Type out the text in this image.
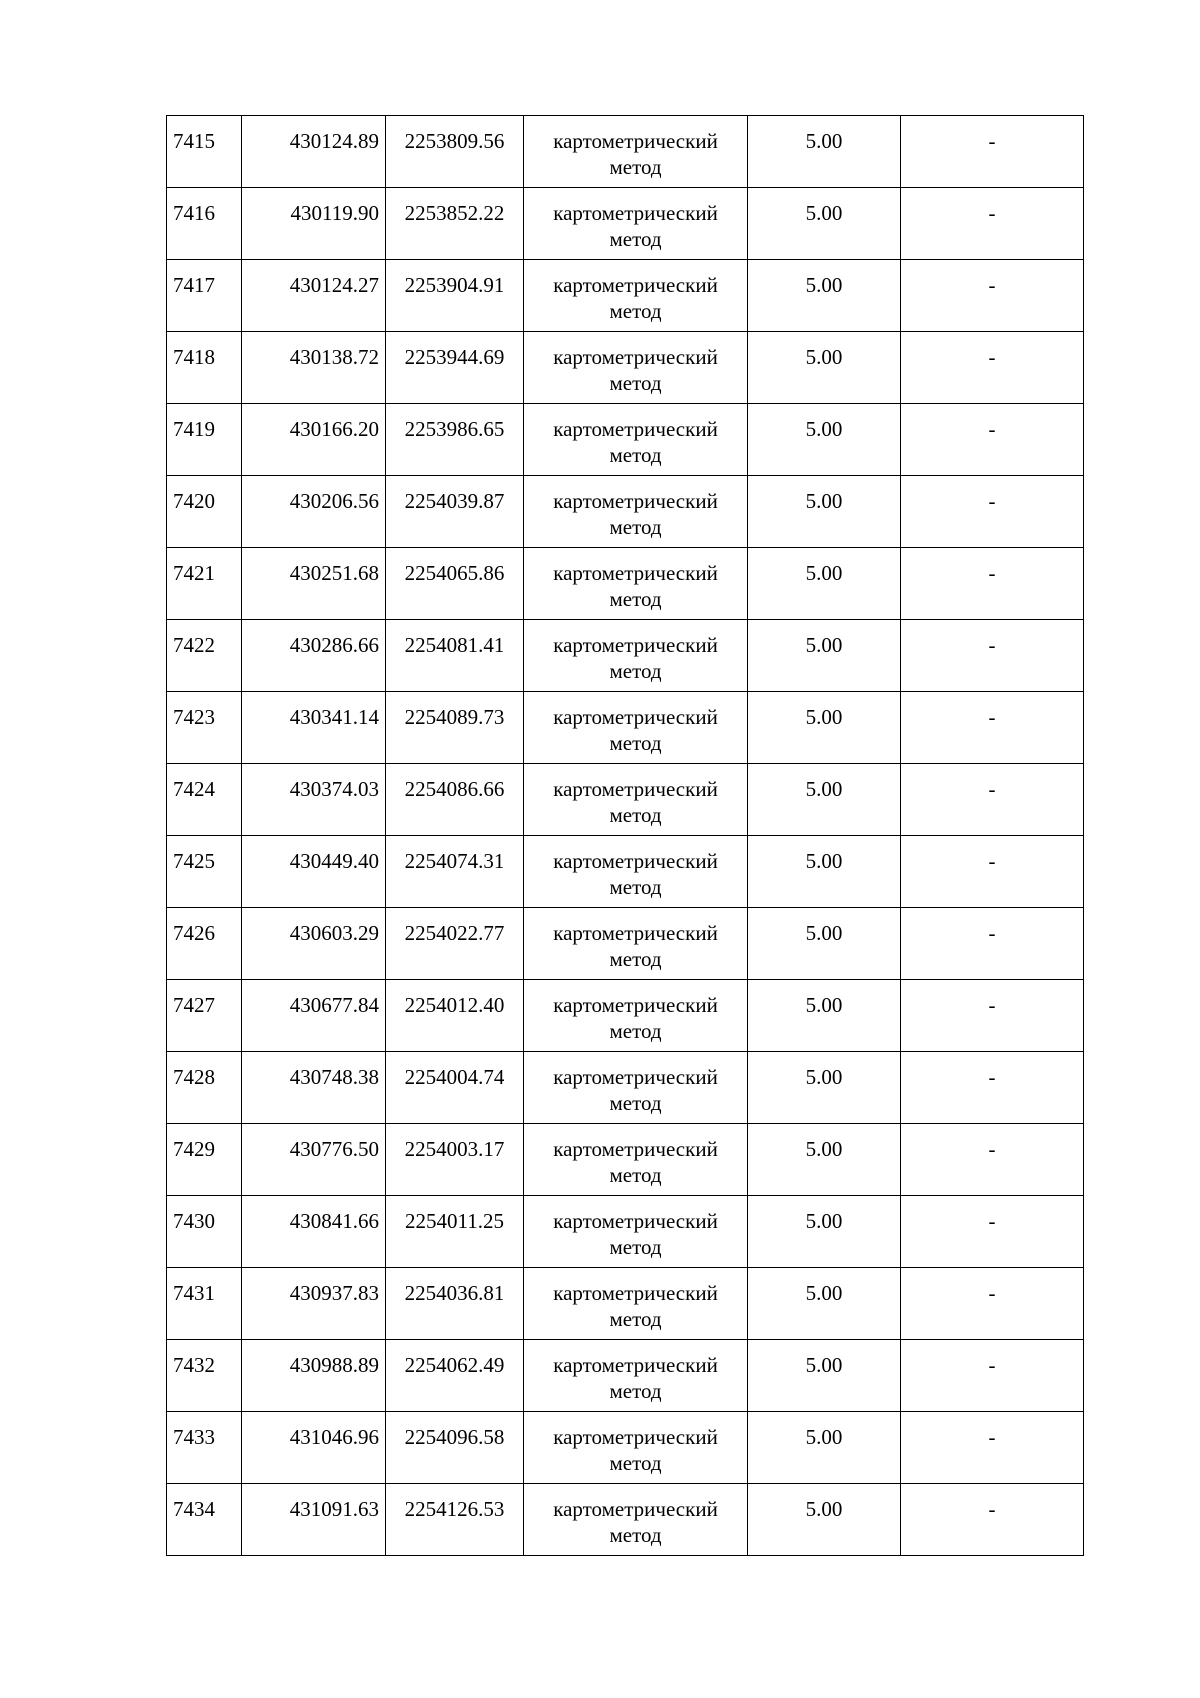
7415	430124.89	2253809.56	картометрический метод	5.00	-
7416	430119.90	2253852.22	картометрический метод	5.00	-
7417	430124.27	2253904.91	картометрический метод	5.00	-
7418	430138.72	2253944.69	картометрический метод	5.00	-
7419	430166.20	2253986.65	картометрический метод	5.00	-
7420	430206.56	2254039.87	картометрический метод	5.00	-
7421	430251.68	2254065.86	картометрический метод	5.00	-
7422	430286.66	2254081.41	картометрический метод	5.00	-
7423	430341.14	2254089.73	картометрический метод	5.00	-
7424	430374.03	2254086.66	картометрический метод	5.00	-
7425	430449.40	2254074.31	картометрический метод	5.00	-
7426	430603.29	2254022.77	картометрический метод	5.00	-
7427	430677.84	2254012.40	картометрический метод	5.00	-
7428	430748.38	2254004.74	картометрический метод	5.00	-
7429	430776.50	2254003.17	картометрический метод	5.00	-
7430	430841.66	2254011.25	картометрический метод	5.00	-
7431	430937.83	2254036.81	картометрический метод	5.00	-
7432	430988.89	2254062.49	картометрический метод	5.00	-
7433	431046.96	2254096.58	картометрический метод	5.00	-
7434	431091.63	2254126.53	картометрический метод	5.00	-
